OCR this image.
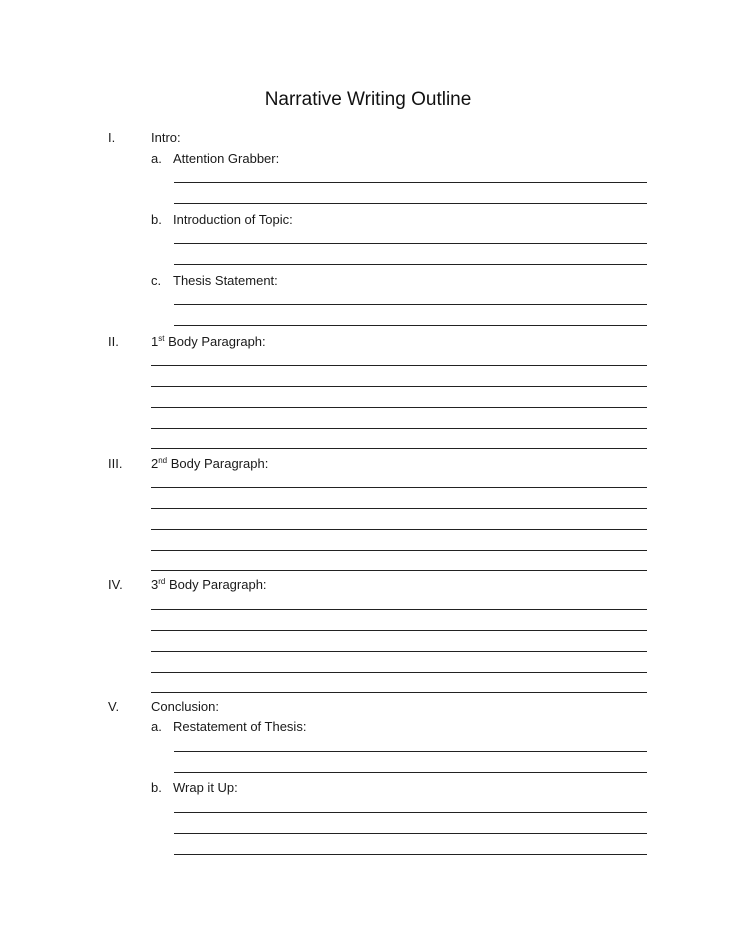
Narrative Writing Outline
I.	Intro:
a. Attention Grabber:
b. Introduction of Topic:
c. Thesis Statement:
II. 1st Body Paragraph:
III. 2nd Body Paragraph:
IV. 3rd Body Paragraph:
V. Conclusion:
a. Restatement of Thesis:
b. Wrap it Up:
